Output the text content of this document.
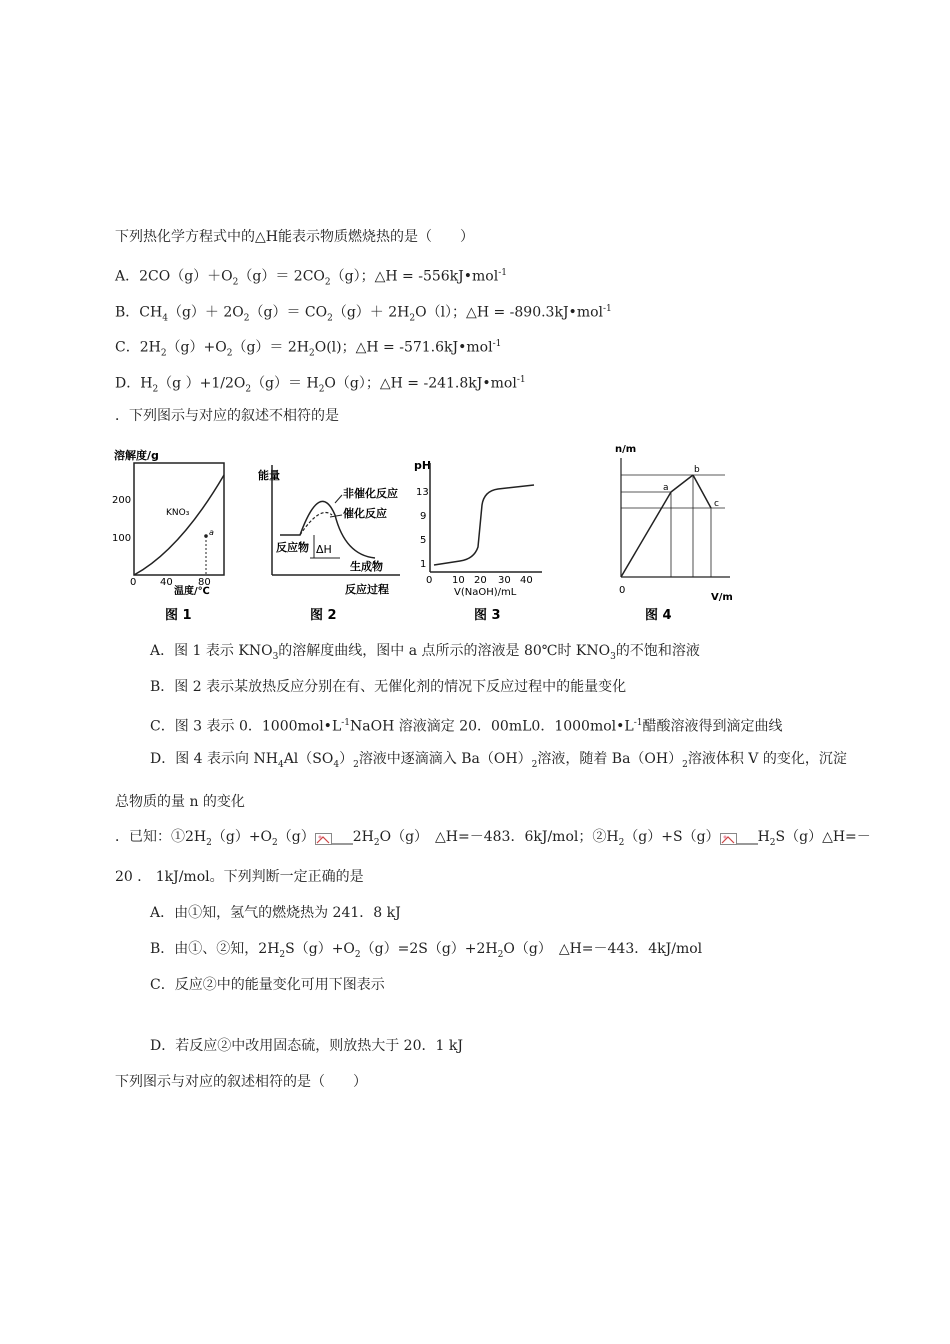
下列热化学方程式中的△H能表示物质燃烧热的是（　　）
A．$2CO(g)+O_2(g)= 2CO_2(g)$；△H = -556kJ•mol$^{-1}$
B．$CH_4(g)+ 2O_2(g)= CO_2(g)+ 2H_2O(l)$；△H = -890.3kJ•mol$^{-1}$
C．$2H_2(g)+O_2(g)= 2H_2O(l)$；△H = -571.6kJ•mol$^{-1}$
D．$H_2(g$ ）$+1/2O_2(g)= H_2O(g)$；△H = -241.8kJ•mol$^{-1}$
．下列图示与对应的叙述不相符的是
溶解度/g
200
100
0 40	80
KNO₃
a
温度/℃
图 1
能量
非催化反应
催化反应
反应物 ΔH
生成物
反应过程
图 2
pH
13
9
5
1
0 10 20 30 40
V(NaOH)/mL
图 3
n/m
a
b
c
0
V/m
图 4
A．图 1 表示 $KNO_3$的溶解度曲线，图中 a 点所示的溶液是 80℃时 $KNO_3$的不饱和溶液
B．图 2 表示某放热反应分别在有、无催化剂的情况下反应过程中的能量变化
C．图 3 表示 0．$1000mol•L^{-1}NaOH$ 溶液滴定 20．00mL0．$1000mol•L^{-1}$醋酸溶液得到滴定曲线
D．图 4 表示向 $NH_4Al(SO_4)_2$溶液中逐滴滴入 $Ba(OH)_2$溶液，随着 $Ba(OH)_2$溶液体积 V 的变化，沉淀
总物质的量 n 的变化
．已知：$①2H_2(g)+O_2(g)$	$2H_2O(g)$　△H=－483．6kJ/mol；$②H_2(g)+S(g)$	$H_2S(g)\triangle H=-$
20 ． 1kJ/mol。下列判断一定正确的是
A．由①知，氢气的燃烧热为 241．8 kJ
B．由①、②知，$2H_2S(g)+O_2(g)=2S(g)+2H_2O(g)$　△H=－443．4kJ/mol
C．反应②中的能量变化可用下图表示
D．若反应②中改用固态硫，则放热大于 20．1 kJ
下列图示与对应的叙述相符的是（　　）
